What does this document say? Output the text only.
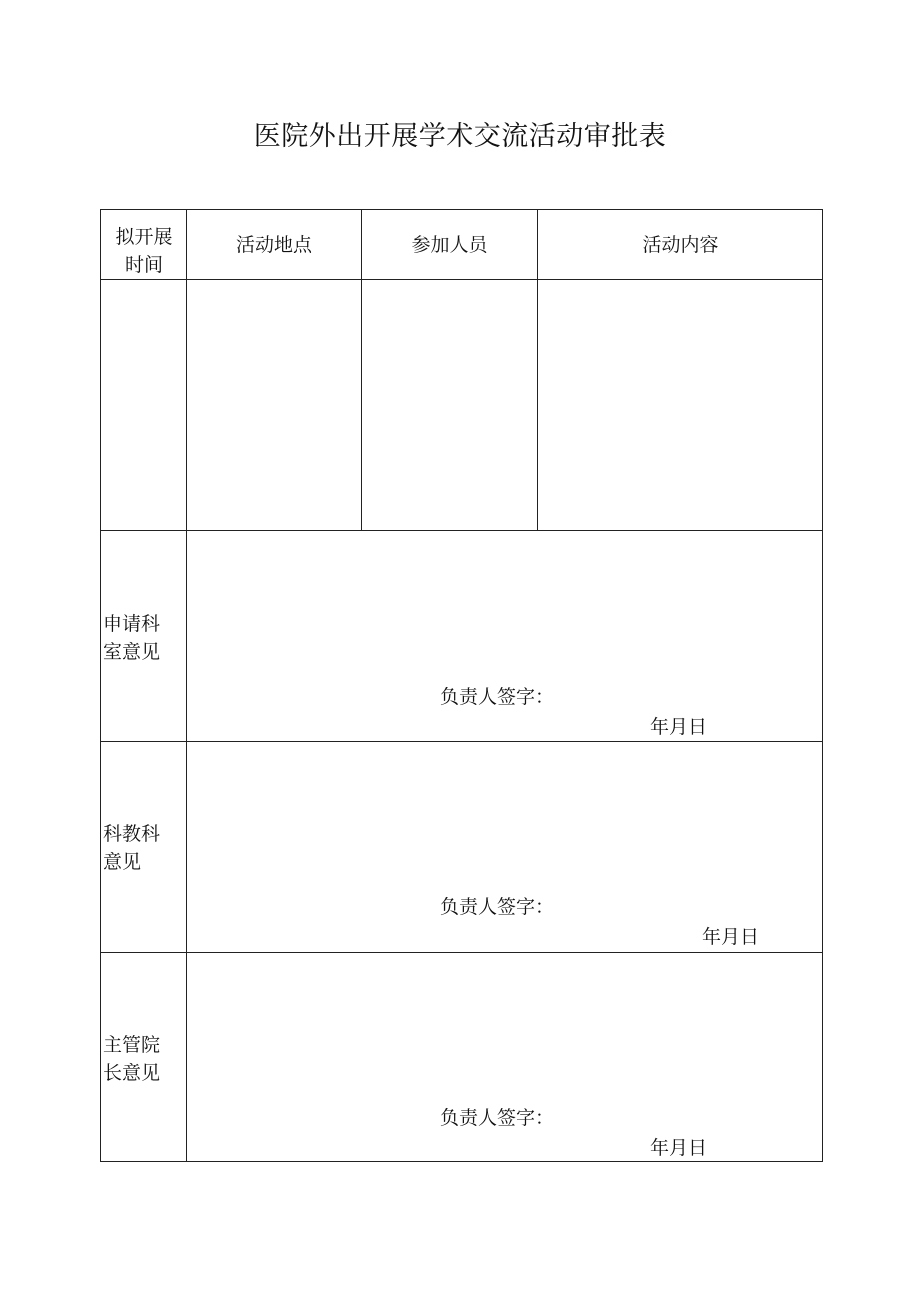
医院外出开展学术交流活动审批表
拟开展
时间
活动地点	参加人员	活动内容
申请科
室意见
负责人签字：
年月日
科教科
意见
负责人签字：
年月日
主管院
长意见
负责人签字：
年月日
